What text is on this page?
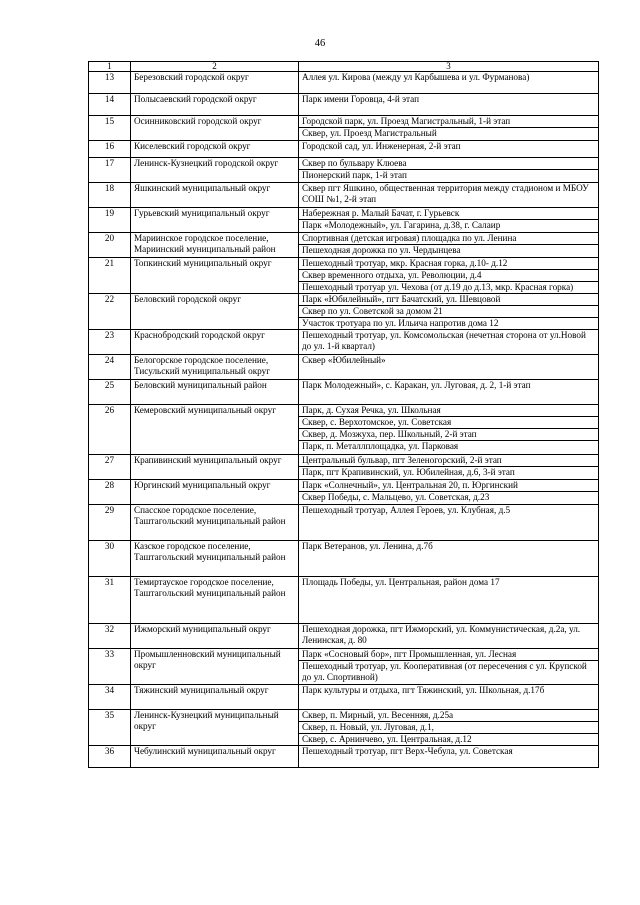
46
1	2	3
13	Березовский городской округ	Аллея ул. Кирова (между ул Карбышева и ул. Фурманова)

14	Полысаевский городской округ	Парк имени Горовца, 4-й этап

15	Осинниковский городской округ	Городской парк, ул. Проезд Магистральный, 1-й этап
Сквер, ул. Проезд Магистральный

16	Киселевский городской округ	Городской сад, ул. Инженерная, 2-й этап

17	Ленинск-Кузнецкий городской округ	Сквер по бульвару Клюева
Пионерский парк, 1-й этап

18	Яшкинский муниципальный округ	Сквер пгт Яшкино, общественная территория между стадионом и МБОУ СОШ №1, 2-й этап

19	Гурьевский муниципальный округ	Набережная р. Малый Бачат, г. Гурьевск
Парк «Молодежный», ул. Гагарина, д.38, г. Салаир

20	Мариинское городское поселение, Мариинский муниципальный район	Спортивная (детская игровая) площадка по ул. Ленина
Пешеходная дорожка по ул. Чердынцева

21	Топкинский муниципальный округ	Пешеходный тротуар, мкр. Красная горка, д.10- д.12
Сквер временного отдыха, ул. Революции, д.4
Пешеходный тротуар ул. Чехова (от д.19 до д.13, мкр. Красная горка)

22	Беловский городской округ	Парк «Юбилейный», пгт Бачатский, ул. Шевцовой
Сквер по ул. Советской за домом 21
Участок тротуара по ул. Ильича напротив дома 12

23	Краснобродский городской округ	Пешеходный тротуар, ул. Комсомольская (нечетная сторона от ул.Новой до ул. 1-й квартал)

24	Белогорское городское поселение, Тисульский муниципальный округ	Сквер «Юбилейный»

25	Беловский муниципальный район	Парк Молодежный», с. Каракан, ул. Луговая, д. 2, 1-й этап

26	Кемеровский муниципальный округ	Парк, д. Сухая Речка, ул. Школьная
Сквер, с. Верхотомское, ул. Советская
Сквер, д. Мозжуха, пер. Школьный, 2-й этап
Парк, п. Металлплощадка, ул. Парковая

27	Крапивинский муниципальный округ	Центральный бульвар, пгт Зеленогорский, 2-й этап
Парк, пгт Крапивинский, ул. Юбилейная, д.6, 3-й этап

28	Юргинский муниципальный округ	Парк «Солнечный», ул. Центральная 20, п. Юргинский
Сквер Победы, с. Мальцево, ул. Советская, д.23

29	Спасское городское поселение, Таштагольский муниципальный район	Пешеходный тротуар, Аллея Героев, ул. Клубная, д.5

30	Казское городское поселение, Таштагольский муниципальный район	Парк Ветеранов, ул. Ленина, д.7б

31	Темиртауское городское поселение, Таштагольский муниципальный район	Площадь Победы, ул. Центральная, район дома 17

32	Ижморский муниципальный округ	Пешеходная дорожка, пгт Ижморский, ул. Коммунистическая, д.2а, ул. Ленинская, д. 80

33	Промышленновский муниципальный округ	Парк «Сосновый бор», пгт Промышленная, ул. Лесная
Пешеходный тротуар, ул. Кооперативная (от пересечения с ул. Крупской до ул. Спортивной)

34	Тяжинский муниципальный округ	Парк культуры и отдыха, пгт Тяжинский, ул. Школьная, д.17б

35	Ленинск-Кузнецкий муниципальный округ	Сквер, п. Мирный, ул. Весенняя, д.25а
Сквер, п. Новый, ул. Луговая, д.1,
Сквер, с. Арнинчево, ул. Центральная, д.12

36	Чебулинский муниципальный округ	Пешеходный тротуар, пгт Верх-Чебула, ул. Советская
